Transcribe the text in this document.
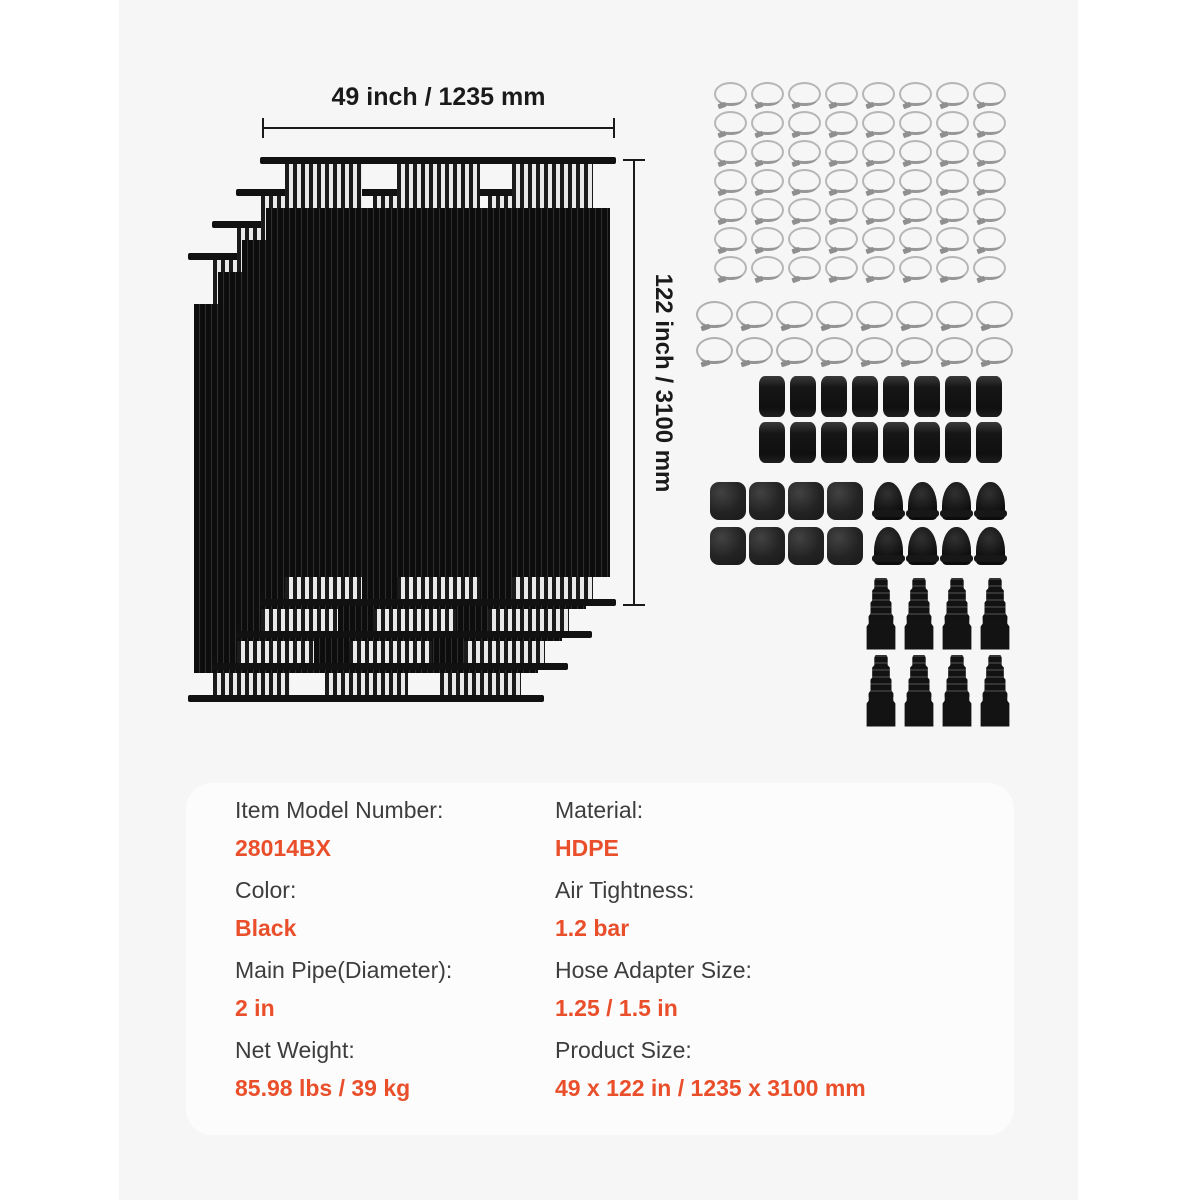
49 inch / 1235 mm
122 inch / 3100 mm
Item Model Number:
28014BX
Material:
HDPE
Color:
Black
Air Tightness:
1.2 bar
Main Pipe(Diameter):
2 in
Hose Adapter Size:
1.25 / 1.5 in
Net Weight:
85.98 lbs / 39 kg
Product Size:
49 x 122 in / 1235 x 3100 mm
